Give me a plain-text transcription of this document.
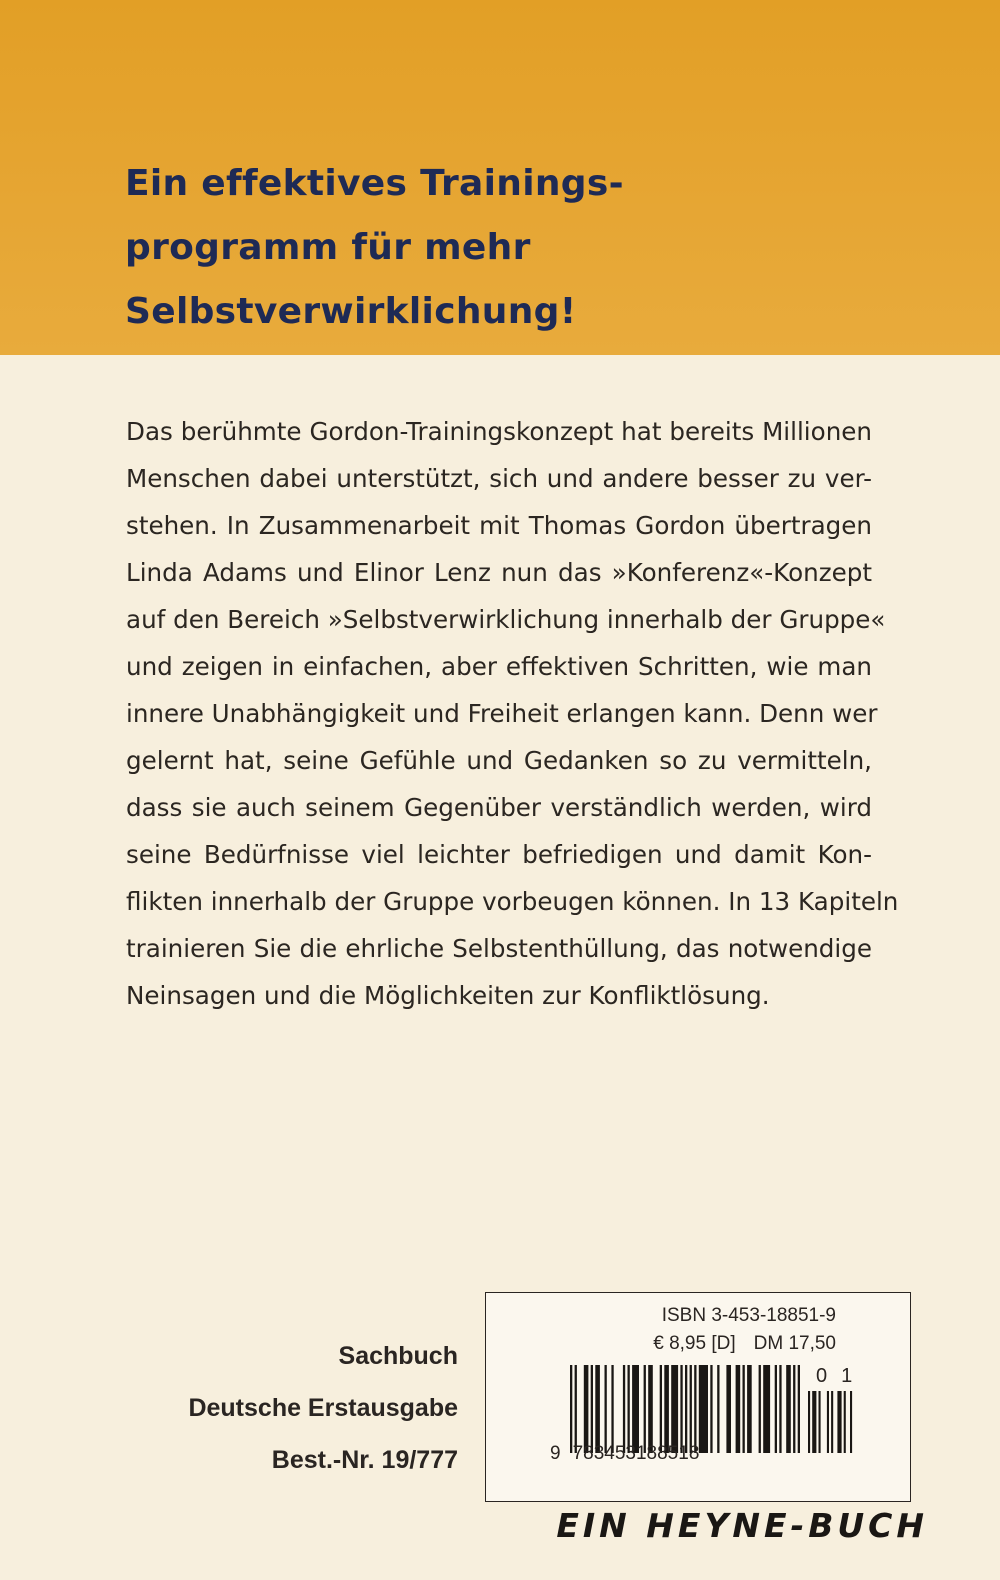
Ein effektives Trainings-
programm für mehr
Selbstverwirklichung!
Das berühmte Gordon-Trainingskonzept hat bereits Millionen
Menschen dabei unterstützt, sich und andere besser zu ver-
stehen. In Zusammenarbeit mit Thomas Gordon übertragen
Linda Adams und Elinor Lenz nun das »Konferenz«-Konzept
auf den Bereich »Selbstverwirklichung innerhalb der Gruppe«
und zeigen in einfachen, aber effektiven Schritten, wie man
innere Unabhängigkeit und Freiheit erlangen kann. Denn wer
gelernt hat, seine Gefühle und Gedanken so zu vermitteln,
dass sie auch seinem Gegenüber verständlich werden, wird
seine Bedürfnisse viel leichter befriedigen und damit Kon-
flikten innerhalb der Gruppe vorbeugen können. In 13 Kapiteln
trainieren Sie die ehrliche Selbstenthüllung, das notwendige
Neinsagen und die Möglichkeiten zur Konfliktlösung.
Sachbuch
Deutsche Erstausgabe
Best.-Nr. 19/777
ISBN 3-453-18851-9
€ 8,95 [D] DM 17,50
01
9 783453188518
EIN HEYNE-BUCH
